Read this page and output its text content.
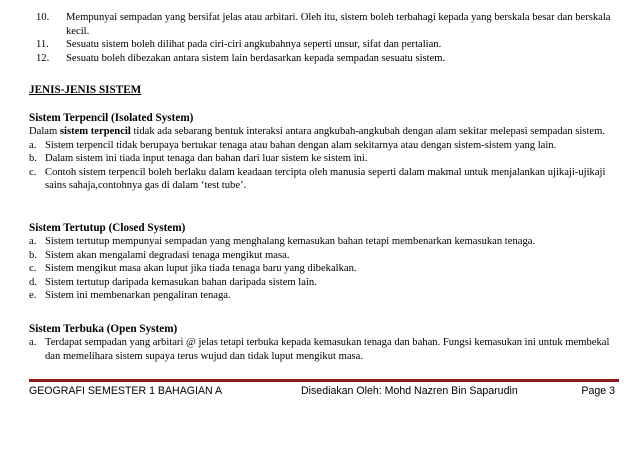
10.	Mempunyai sempadan yang bersifat jelas atau arbitari. Oleh itu, sistem boleh terbahagi kepada yang berskala besar dan berskala kecil.
11.	Sesuatu sistem boleh dilihat pada ciri-ciri angkubahnya seperti unsur, sifat dan pertalian.
12.	Sesuatu boleh dibezakan antara sistem lain berdasarkan kepada sempadan sesuatu sistem.
JENIS-JENIS SISTEM
Sistem Terpencil (Isolated System)
Dalam sistem terpencil tidak ada sebarang bentuk interaksi antara angkubah-angkubah dengan alam sekitar melepasi sempadan sistem.
a. Sistem terpencil tidak berupaya bertukar tenaga atau bahan dengan alam sekitarnya atau dengan sistem-sistem yang lain.
b. Dalam sistem ini tiada input tenaga dan bahan dari luar sistem ke sistem ini.
c. Contoh sistem terpencil boleh berlaku dalam keadaan tercipta oleh manusia seperti dalam makmal untuk menjalankan ujikaji-ujikaji sains sahaja,contohnya gas di dalam ‘test tube’.
Sistem Tertutup (Closed System)
a. Sistem tertutup mempunyai sempadan yang menghalang kemasukan bahan tetapi membenarkan kemasukan tenaga.
b. Sistem akan mengalami degradasi tenaga mengikut masa.
c. Sistem mengikut masa akan luput jika tiada tenaga baru yang dibekalkan.
d. Sistem tertutup daripada kemasukan bahan daripada sistem lain.
e. Sistem ini membenarkan pengaliran tenaga.
Sistem Terbuka (Open System)
a. Terdapat sempadan yang arbitari @ jelas tetapi terbuka kepada kemasukan tenaga dan bahan. Fungsi kemasukan ini untuk membekal dan memelihara sistem supaya terus wujud dan tidak luput mengikut masa.
GEOGRAFI SEMESTER 1 BAHAGIAN A	Disediakan Oleh: Mohd Nazren Bin Saparudin	Page 3
